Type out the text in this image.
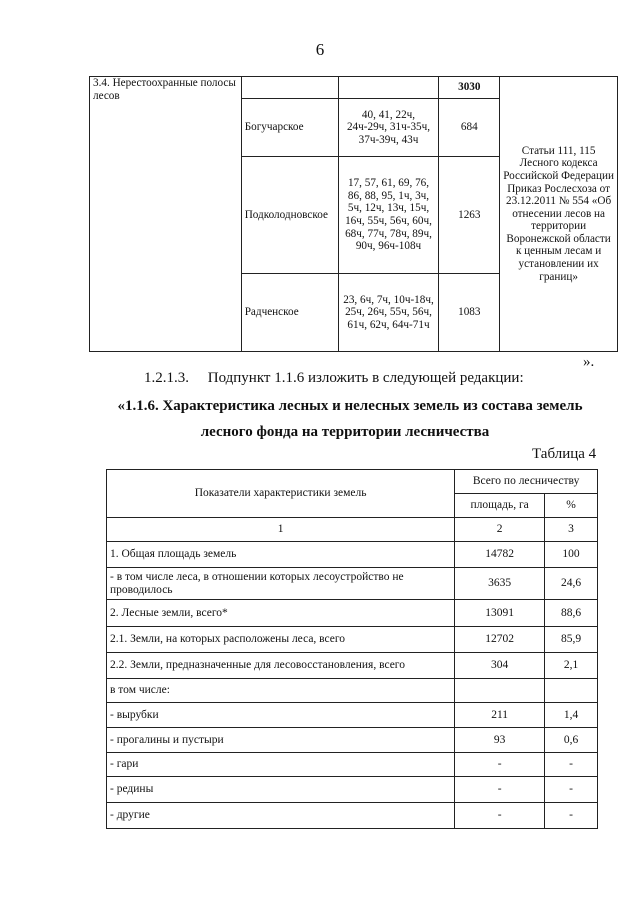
6
3.4. Нерестоохранные полосы лесов			3030	Статьи 111, 115 Лесного кодекса Российской Федерации Приказ Рослесхоза от 23.12.2011 № 554 «Об отнесении лесов на территории Воронежской области к ценным лесам и установлении их границ»
	Богучарское	40, 41, 22ч, 24ч-29ч, 31ч-35ч, 37ч-39ч, 43ч	684	
	Подколодновское	17, 57, 61, 69, 76, 86, 88, 95, 1ч, 3ч, 5ч, 12ч, 13ч, 15ч, 16ч, 55ч, 56ч, 60ч, 68ч, 77ч, 78ч, 89ч, 90ч, 96ч-108ч	1263	
	Радченское	23, 6ч, 7ч, 10ч-18ч, 25ч, 26ч, 55ч, 56ч, 61ч, 62ч, 64ч-71ч	1083	
».
1.2.1.3.     Подпункт 1.1.6 изложить в следующей редакции:
«1.1.6. Характеристика лесных и нелесных земель из состава земель
лесного фонда на территории лесничества
Таблица 4
Показатели характеристики земель	Всего по лесничеству	
	площадь, га	%
1	2	3
1. Общая площадь земель	14782	100
- в том числе леса, в отношении которых лесоустройство не проводилось	3635	24,6
2. Лесные земли, всего*	13091	88,6
2.1. Земли, на которых расположены леса, всего	12702	85,9
2.2. Земли, предназначенные для лесовосстановления, всего	304	2,1
в том числе:		
- вырубки	211	1,4
- прогалины и пустыри	93	0,6
- гари	-	-
- редины	-	-
- другие	-	-
